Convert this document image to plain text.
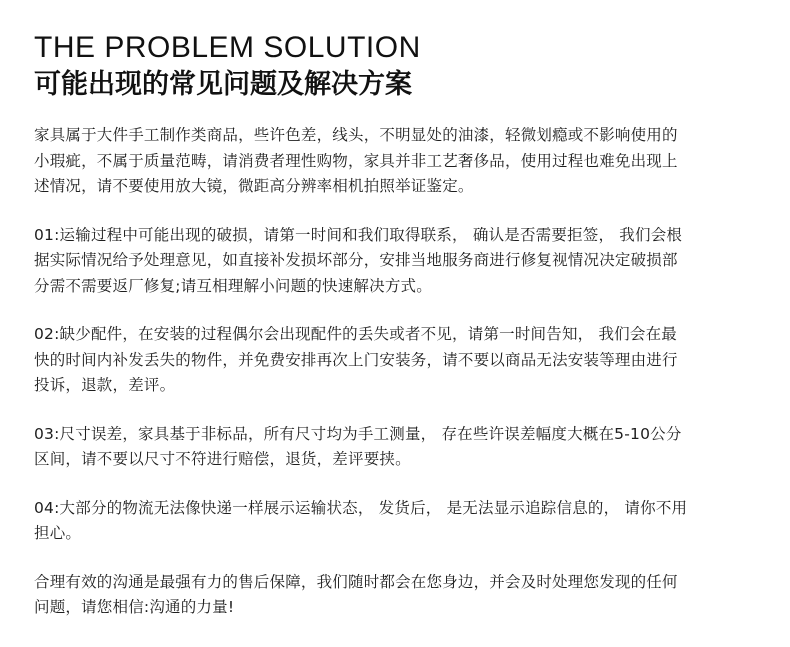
THE PROBLEM SOLUTION
可能出现的常见问题及解决方案
家具属于大件手工制作类商品，些许色差，线头，不明显处的油漆，轻微划瘾或不影响使用的
小瑕疵，不属于质量范畴，请消费者理性购物，家具并非工艺奢侈品，使用过程也难免出现上
述情况，请不要使用放大镜，微距高分辨率相机拍照举证鉴定。
01:运输过程中可能出现的破损，请第一时间和我们取得联系， 确认是否需要拒签， 我们会根
据实际情况给予处理意见，如直接补发损坏部分，安排当地服务商进行修复视情况决定破损部
分需不需要返厂修复;请互相理解小问题的快速解决方式。
02:缺少配件，在安装的过程偶尔会出现配件的丢失或者不见，请第一时间告知， 我们会在最
快的时间内补发丢失的物件，并免费安排再次上门安装务，请不要以商品无法安装等理由进行
投诉，退款，差评。
03:尺寸误差，家具基于非标品，所有尺寸均为手工测量， 存在些许误差幅度大概在5-10公分
区间，请不要以尺寸不符进行赔偿，退货，差评要挟。
04:大部分的物流无法像快递一样展示运输状态， 发货后， 是无法显示追踪信息的， 请你不用
担心。
合理有效的沟通是最强有力的售后保障，我们随时都会在您身边，并会及时处理您发现的任何
问题，请您相信:沟通的力量!
